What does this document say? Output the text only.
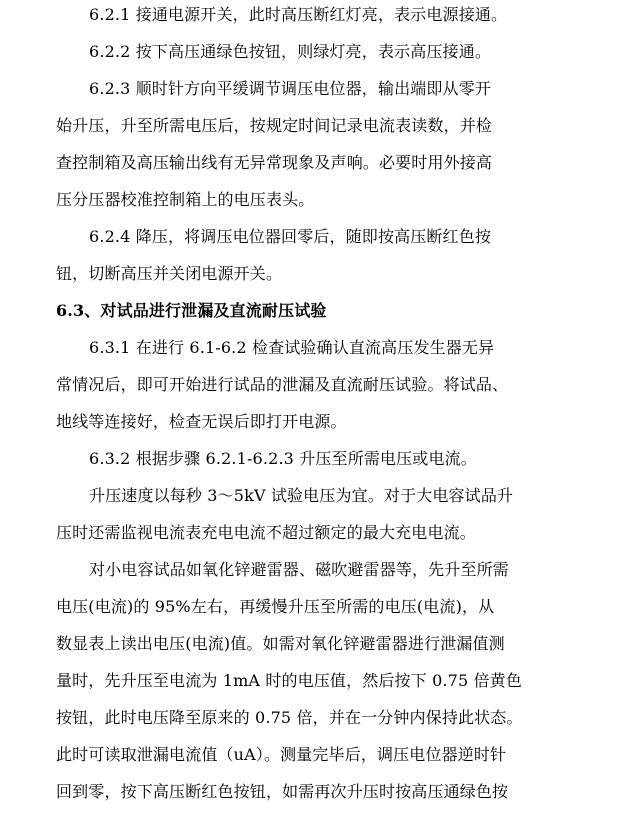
6.2.1 接通电源开关，此时高压断红灯亮，表示电源接通。
6.2.2 按下高压通绿色按钮，则绿灯亮，表示高压接通。
6.2.3 顺时针方向平缓调节调压电位器，输出端即从零开
始升压，升至所需电压后，按规定时间记录电流表读数，并检
查控制箱及高压输出线有无异常现象及声响。必要时用外接高
压分压器校准控制箱上的电压表头。
6.2.4 降压，将调压电位器回零后，随即按高压断红色按
钮，切断高压并关闭电源开关。
6.3、对试品进行泄漏及直流耐压试验
6.3.1 在进行 6.1-6.2 检查试验确认直流高压发生器无异
常情况后，即可开始进行试品的泄漏及直流耐压试验。将试品、
地线等连接好，检查无误后即打开电源。
6.3.2 根据步骤 6.2.1-6.2.3 升压至所需电压或电流。
升压速度以每秒 3～5kV 试验电压为宜。对于大电容试品升
压时还需监视电流表充电电流不超过额定的最大充电电流。
对小电容试品如氧化锌避雷器、磁吹避雷器等，先升至所需
电压(电流)的 95%左右，再缓慢升压至所需的电压(电流)，从
数显表上读出电压(电流)值。如需对氧化锌避雷器进行泄漏值测
量时，先升压至电流为 1mA 时的电压值，然后按下 0.75 倍黄色
按钮，此时电压降至原来的 0.75 倍，并在一分钟内保持此状态。
此时可读取泄漏电流值（uA）。测量完毕后，调压电位器逆时针
回到零，按下高压断红色按钮，如需再次升压时按高压通绿色按
